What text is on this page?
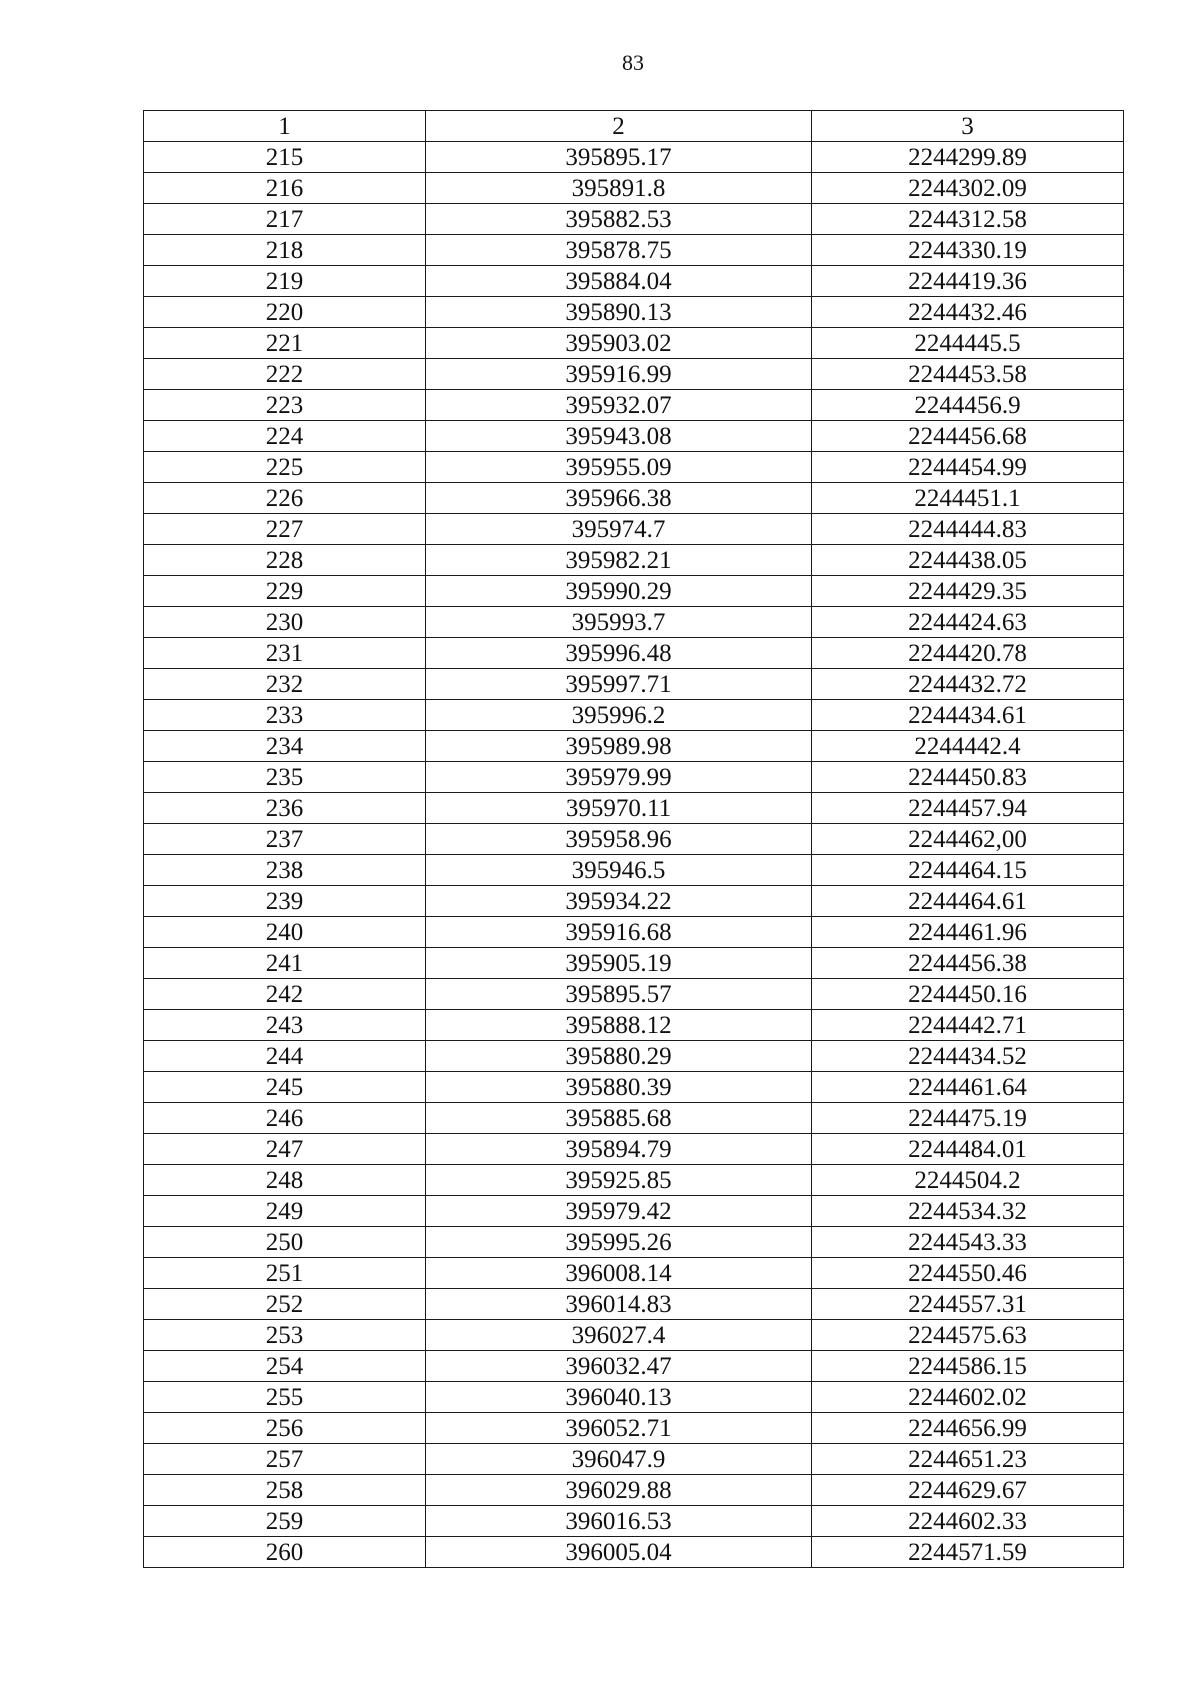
83
1	2	3
215	395895.17	2244299.89
216	395891.8	2244302.09
217	395882.53	2244312.58
218	395878.75	2244330.19
219	395884.04	2244419.36
220	395890.13	2244432.46
221	395903.02	2244445.5
222	395916.99	2244453.58
223	395932.07	2244456.9
224	395943.08	2244456.68
225	395955.09	2244454.99
226	395966.38	2244451.1
227	395974.7	2244444.83
228	395982.21	2244438.05
229	395990.29	2244429.35
230	395993.7	2244424.63
231	395996.48	2244420.78
232	395997.71	2244432.72
233	395996.2	2244434.61
234	395989.98	2244442.4
235	395979.99	2244450.83
236	395970.11	2244457.94
237	395958.96	2244462,00
238	395946.5	2244464.15
239	395934.22	2244464.61
240	395916.68	2244461.96
241	395905.19	2244456.38
242	395895.57	2244450.16
243	395888.12	2244442.71
244	395880.29	2244434.52
245	395880.39	2244461.64
246	395885.68	2244475.19
247	395894.79	2244484.01
248	395925.85	2244504.2
249	395979.42	2244534.32
250	395995.26	2244543.33
251	396008.14	2244550.46
252	396014.83	2244557.31
253	396027.4	2244575.63
254	396032.47	2244586.15
255	396040.13	2244602.02
256	396052.71	2244656.99
257	396047.9	2244651.23
258	396029.88	2244629.67
259	396016.53	2244602.33
260	396005.04	2244571.59
